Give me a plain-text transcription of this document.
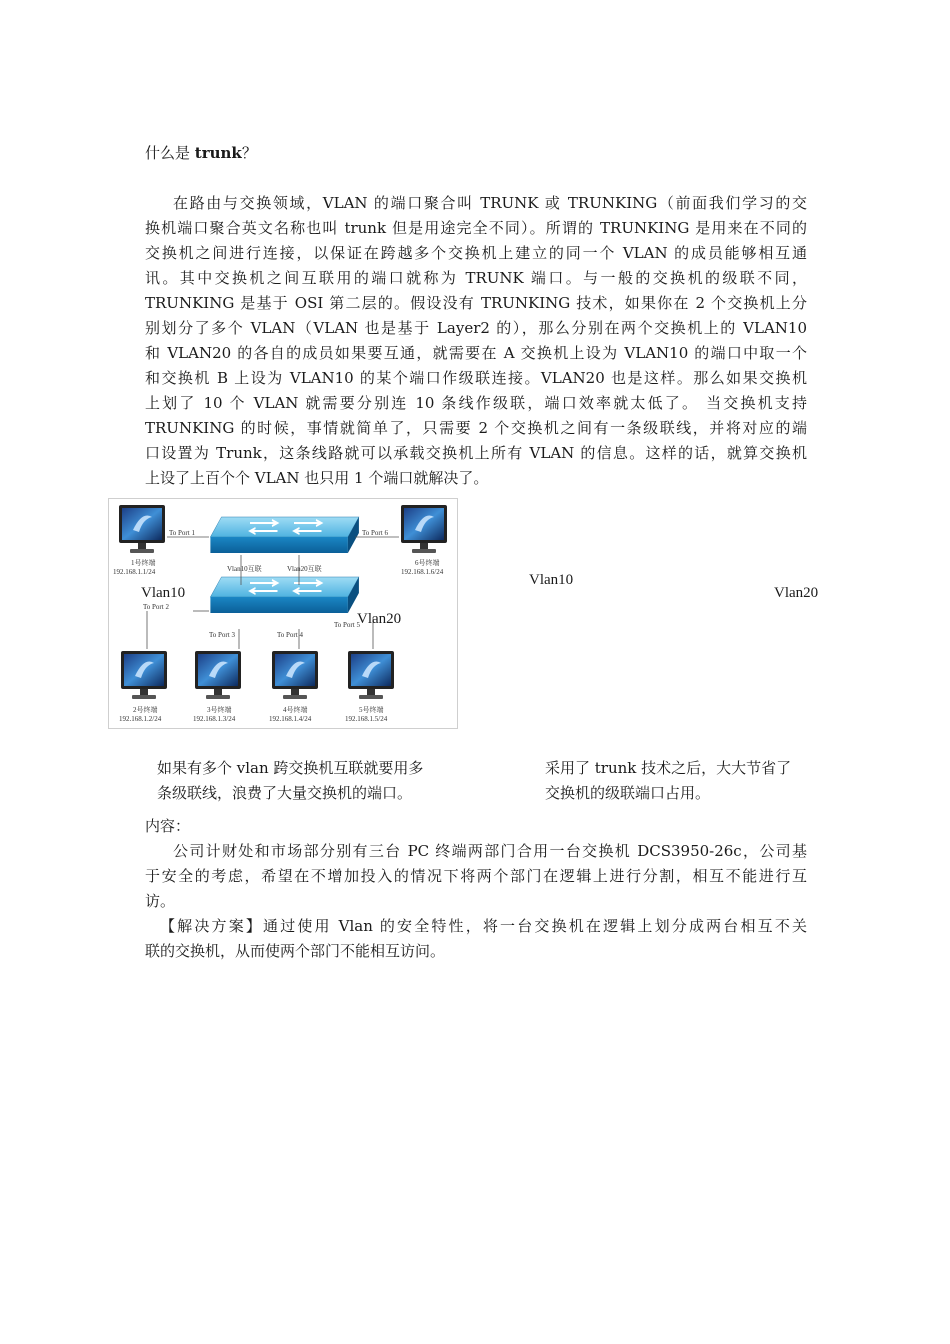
什么是 trunk？
在路由与交换领域，VLAN 的端口聚合叫 TRUNK 或 TRUNKING（前面我们学习的交
换机端口聚合英文名称也叫 trunk 但是用途完全不同）。所谓的 TRUNKING 是用来在不同的
交换机之间进行连接，以保证在跨越多个交换机上建立的同一个 VLAN 的成员能够相互通
讯。其中交换机之间互联用的端口就称为 TRUNK 端口。与一般的交换机的级联不同，
TRUNKING 是基于 OSI 第二层的。假设没有 TRUNKING 技术，如果你在 2 个交换机上分
别划分了多个 VLAN（VLAN 也是基于 Layer2 的），那么分别在两个交换机上的 VLAN10
和 VLAN20 的各自的成员如果要互通，就需要在 A 交换机上设为 VLAN10 的端口中取一个
和交换机 B 上设为 VLAN10 的某个端口作级联连接。VLAN20 也是这样。那么如果交换机
上划了 10 个 VLAN 就需要分别连 10 条线作级联，端口效率就太低了。 当交换机支持
TRUNKING 的时候，事情就简单了，只需要 2 个交换机之间有一条级联线，并将对应的端
口设置为 Trunk，这条线路就可以承载交换机上所有 VLAN 的信息。这样的话，就算交换机
上设了上百个个 VLAN 也只用 1 个端口就解决了。
To Port 1	To Port 6
To Port 2
To Port 3	To Port 4
To Port 5
Vlan10互联	Vlan20互联
1号终端
192.168.1.1/24
6号终端
192.168.1.6/24
2号终端
192.168.1.2/24
3号终端
192.168.1.3/24
4号终端
192.168.1.4/24
5号终端
192.168.1.5/24
Vlan10
Vlan20
Vlan10
Vlan20
如果有多个 vlan 跨交换机互联就要用多
条级联线，浪费了大量交换机的端口。
采用了 trunk 技术之后，大大节省了
交换机的级联端口占用。
内容：
公司计财处和市场部分别有三台 PC 终端两部门合用一台交换机 DCS3950-26c，公司基
于安全的考虑，希望在不增加投入的情况下将两个部门在逻辑上进行分割，相互不能进行互
访。
【解决方案】通过使用 Vlan 的安全特性，将一台交换机在逻辑上划分成两台相互不关
联的交换机，从而使两个部门不能相互访问。
